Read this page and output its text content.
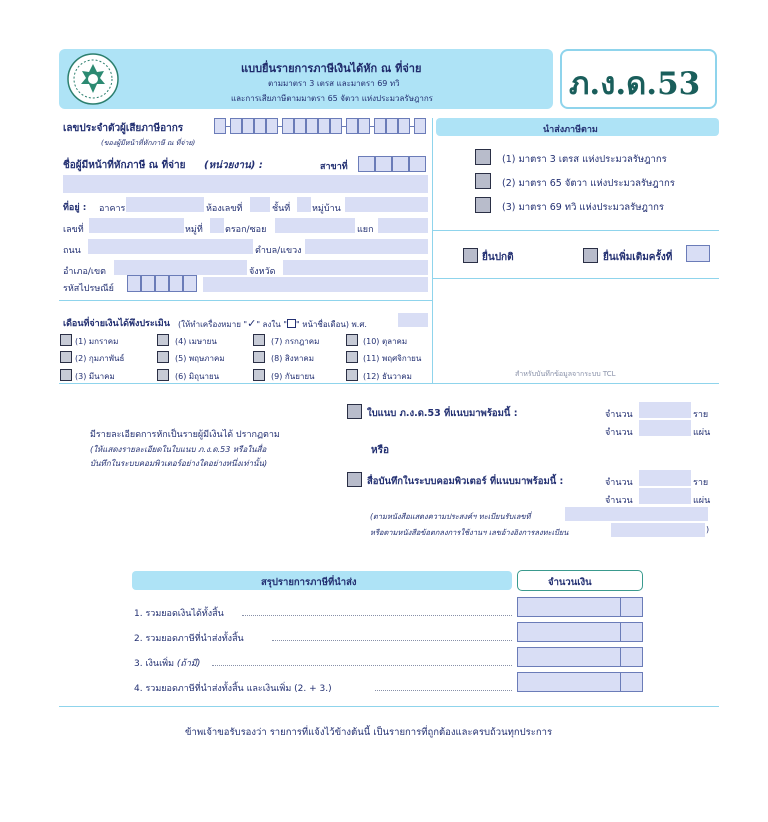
แบบยื่นรายการภาษีเงินได้หัก ณ ที่จ่าย
ตามมาตรา 3 เตรส และมาตรา 69 ทวิ
และการเสียภาษีตามมาตรา 65 จัตวา แห่งประมวลรัษฎากร	ภ.ง.ด.53
เลขประจำตัวผู้เสียภาษีอากร
(ของผู้มีหน้าที่หักภาษี ณ ที่จ่าย)
ชื่อผู้มีหน้าที่หักภาษี ณ ที่จ่าย (หน่วยงาน) :	สาขาที่
ที่อยู่ : อาคาร	ห้องเลขที่	ชั้นที่ หมู่บ้าน
เลขที่	หมู่ที่ ตรอก/ซอย	แยก
ถนน	ตำบล/แขวง
อำเภอ/เขต	จังหวัด
รหัสไปรษณีย์
เดือนที่จ่ายเงินได้พึงประเมิน (ให้ทำเครื่องหมาย "✓" ลงใน " " หน้าชื่อเดือน) พ.ศ.
(1) มกราคม
(2) กุมภาพันธ์
(3) มีนาคม
(4) เมษายน
(5) พฤษภาคม
(6) มิถุนายน
(7) กรกฎาคม
(8) สิงหาคม
(9) กันยายน
(10) ตุลาคม
(11) พฤศจิกายน
(12) ธันวาคม
นำส่งภาษีตาม
(1) มาตรา 3 เตรส แห่งประมวลรัษฎากร
(2) มาตรา 65 จัตวา แห่งประมวลรัษฎากร
(3) มาตรา 69 ทวิ แห่งประมวลรัษฎากร
ยื่นปกติ	ยื่นเพิ่มเติมครั้งที่
สำหรับบันทึกข้อมูลจากระบบ TCL
มีรายละเอียดการหักเป็นรายผู้มีเงินได้ ปรากฏตาม
(ให้แสดงรายละเอียดในใบแนบ ภ.ง.ด.53 หรือในสื่อ
บันทึกในระบบคอมพิวเตอร์อย่างใดอย่างหนึ่งเท่านั้น)
ใบแนบ ภ.ง.ด.53 ที่แนบมาพร้อมนี้ :	จำนวน	ราย
จำนวน	แผ่น
หรือ
สื่อบันทึกในระบบคอมพิวเตอร์ ที่แนบมาพร้อมนี้ :	จำนวน	ราย
จำนวน	แผ่น
(ตามหนังสือแสดงความประสงค์ฯ ทะเบียนรับเลขที่
หรือตามหนังสือข้อตกลงการใช้งานฯ เลขอ้างอิงการลงทะเบียน	)
สรุปรายการภาษีที่นำส่ง	จำนวนเงิน
1. รวมยอดเงินได้ทั้งสิ้น
2. รวมยอดภาษีที่นำส่งทั้งสิ้น
3. เงินเพิ่ม (ถ้ามี)
4. รวมยอดภาษีที่นำส่งทั้งสิ้น และเงินเพิ่ม (2. + 3.)
ข้าพเจ้าขอรับรองว่า รายการที่แจ้งไว้ข้างต้นนี้ เป็นรายการที่ถูกต้องและครบถ้วนทุกประการ
